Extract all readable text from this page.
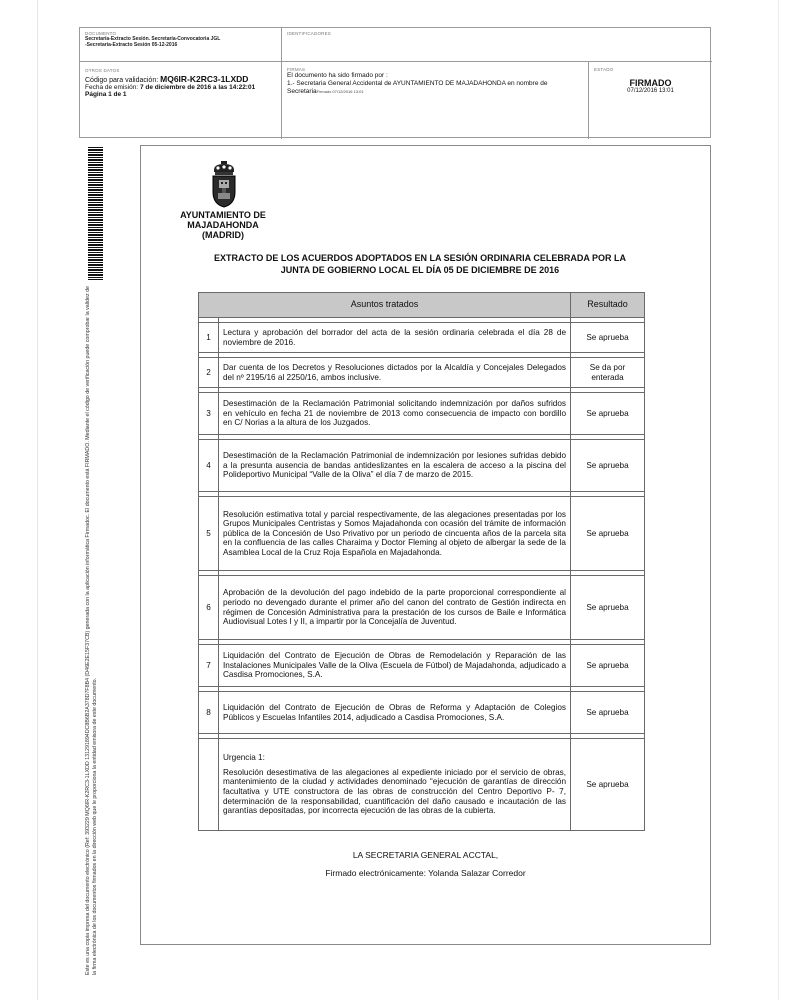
DOCUMENTO
Secretaría-Extracto Sesión. Secretaría-Convocatoria JGL
-Secretaría-Extracto Sesión 05-12-2016
IDENTIFICADORES
OTROS DATOS
Código para validación: MQ6IR-K2RC3-1LXDD
Fecha de emisión: 7 de diciembre de 2016 a las 14:22:01
Página 1 de 1
FIRMAS
El documento ha sido firmado por :
1.- Secretaria General Accidental de AYUNTAMIENTO DE MAJADAHONDA en nombre de
SecretariaFirmado 07/12/2016 13:01
ESTADO
FIRMADO
07/12/2016 13:01
Este es una copia impresa del documento electrónico (Ref: 393229 MQ6IR-K2RC3-1LXDD 131291894DC8B6B2A378D7F8B4 (D46E2E15F37CB) generada con la aplicación informática Firmadoc. El documento está FIRMADO. Mediante el código de verificación puede comprobar la validez de la firma electrónica de los documentos firmados en la dirección web que le proporciona la entidad emisora de este documento.
AYUNTAMIENTO DE
MAJADAHONDA
(MADRID)
EXTRACTO DE LOS ACUERDOS ADOPTADOS EN LA SESIÓN ORDINARIA CELEBRADA POR LA
JUNTA DE GOBIERNO LOCAL EL DÍA 05 DE DICIEMBRE DE 2016
Asuntos tratados		Resultado

1	Lectura y aprobación del borrador del acta de la sesión ordinaria celebrada el día 28 de noviembre de 2016.	Se aprueba

2	Dar cuenta de los Decretos y Resoluciones dictados por la Alcaldía y Concejales Delegados del nº 2195/16 al 2250/16, ambos inclusive.	Se da por enterada

3	Desestimación de la Reclamación Patrimonial solicitando indemnización por daños sufridos en vehículo en fecha 21 de noviembre de 2013 como consecuencia de impacto con bordillo en C/ Norias a la altura de los Juzgados.	Se aprueba

4	Desestimación de la Reclamación Patrimonial de indemnización por lesiones sufridas debido a la presunta ausencia de bandas antideslizantes en la escalera de acceso a la piscina del Polideportivo Municipal “Valle de la Oliva” el día 7 de marzo de 2015.	Se aprueba

5	Resolución estimativa total y parcial respectivamente, de las alegaciones presentadas por los Grupos Municipales Centristas y Somos Majadahonda con ocasión del trámite de información pública de la Concesión de Uso Privativo por un periodo de cincuenta años de la parcela sita en la confluencia de las calles Charaima y Doctor Fleming al objeto de albergar la sede de la Asamblea Local de la Cruz Roja Española en Majadahonda.	Se aprueba

6	Aprobación de la devolución del pago indebido de la parte proporcional correspondiente al periodo no devengado durante el primer año del canon del contrato de Gestión indirecta en régimen de Concesión Administrativa para la prestación de los cursos de Baile e Informática Audiovisual Lotes I y II, a impartir por la Concejalía de Juventud.	Se aprueba

7	Liquidación del Contrato de Ejecución de Obras de Remodelación y Reparación de las Instalaciones Municipales Valle de la Oliva (Escuela de Fútbol) de Majadahonda, adjudicado a Casdisa Promociones, S.A.	Se aprueba

8	Liquidación del Contrato de Ejecución de Obras de Reforma y Adaptación de Colegios Públicos y Escuelas Infantiles 2014, adjudicado a Casdisa Promociones, S.A.	Se aprueba

	Urgencia 1:
Resolución desestimativa de las alegaciones al expediente iniciado por el servicio de obras, mantenimiento de la ciudad y actividades denominado “ejecución de garantías de dirección facultativa y UTE constructora de las obras de construcción del Centro Deportivo P- 7, determinación de la responsabilidad, cuantificación del daño causado e incautación de las garantías depositadas, por incorrecta ejecución de las obras de la cubierta.	Se aprueba
LA SECRETARIA GENERAL ACCTAL,
Firmado electrónicamente: Yolanda Salazar Corredor
